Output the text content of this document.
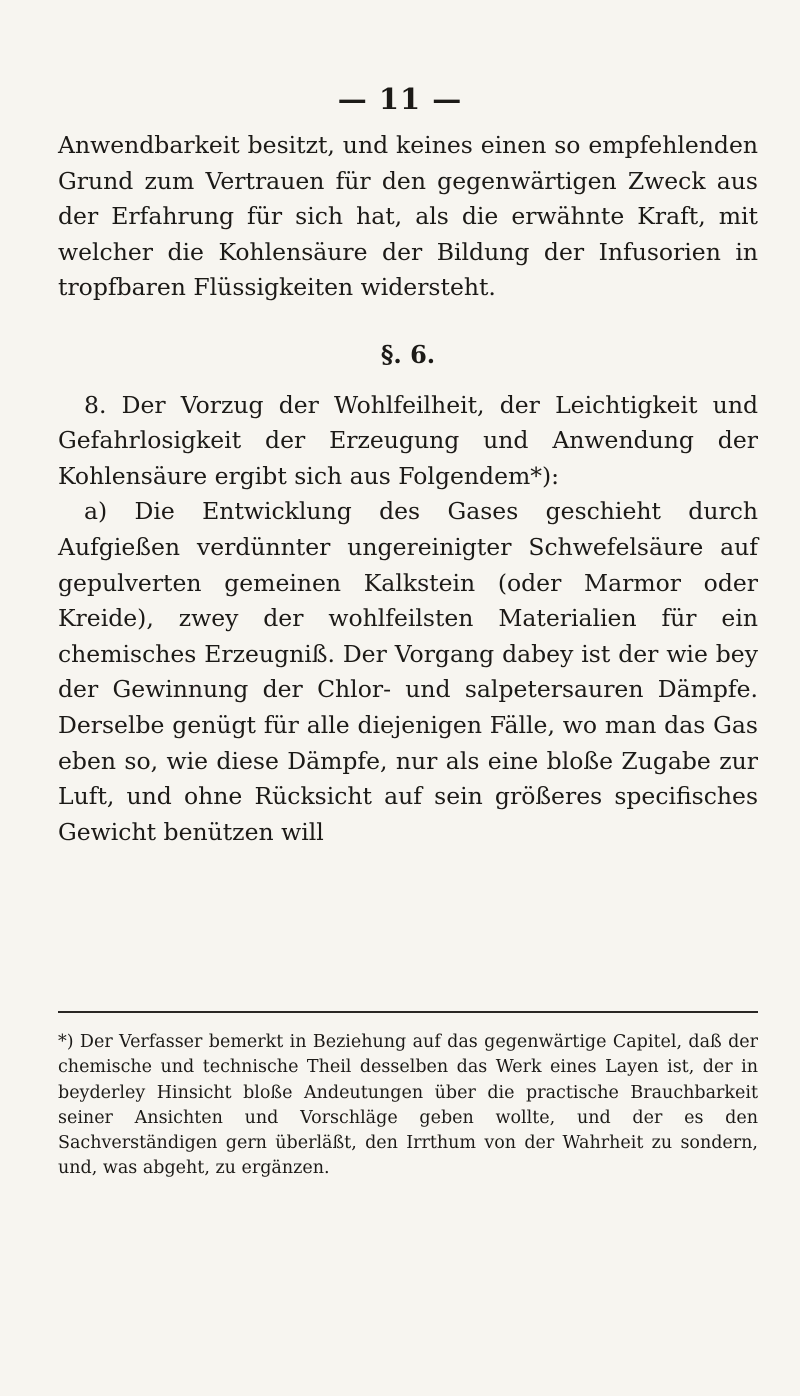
— 11 —

Anwendbarkeit besitzt, und keines einen so empfehlenden Grund zum Vertrauen für den gegenwärtigen Zweck aus der Erfahrung für sich hat, als die erwähnte Kraft, mit welcher die Kohlensäure der Bildung der Infusorien in tropfbaren Flüssigkeiten widersteht.

§. 6.

8. Der Vorzug der Wohlfeilheit, der Leichtigkeit und Gefahrlosigkeit der Erzeugung und Anwendung der Kohlensäure ergibt sich aus Folgendem*):

a) Die Entwicklung des Gases geschieht durch Aufgießen verdünnter ungereinigter Schwefelsäure auf gepulverten gemeinen Kalkstein (oder Marmor oder Kreide), zwey der wohlfeilsten Materialien für ein chemisches Erzeugniß. Der Vorgang dabey ist der wie bey der Gewinnung der Chlor- und salpetersauren Dämpfe. Derselbe genügt für alle diejenigen Fälle, wo man das Gas eben so, wie diese Dämpfe, nur als eine bloße Zugabe zur Luft, und ohne Rücksicht auf sein größeres specifisches Gewicht benützen will

*) Der Verfasser bemerkt in Beziehung auf das gegenwärtige Capitel, daß der chemische und technische Theil desselben das Werk eines Layen ist, der in beyderley Hinsicht bloße Andeutungen über die practische Brauchbarkeit seiner Ansichten und Vorschläge geben wollte, und der es den Sachverständigen gern überläßt, den Irrthum von der Wahrheit zu sondern, und, was abgeht, zu ergänzen.
